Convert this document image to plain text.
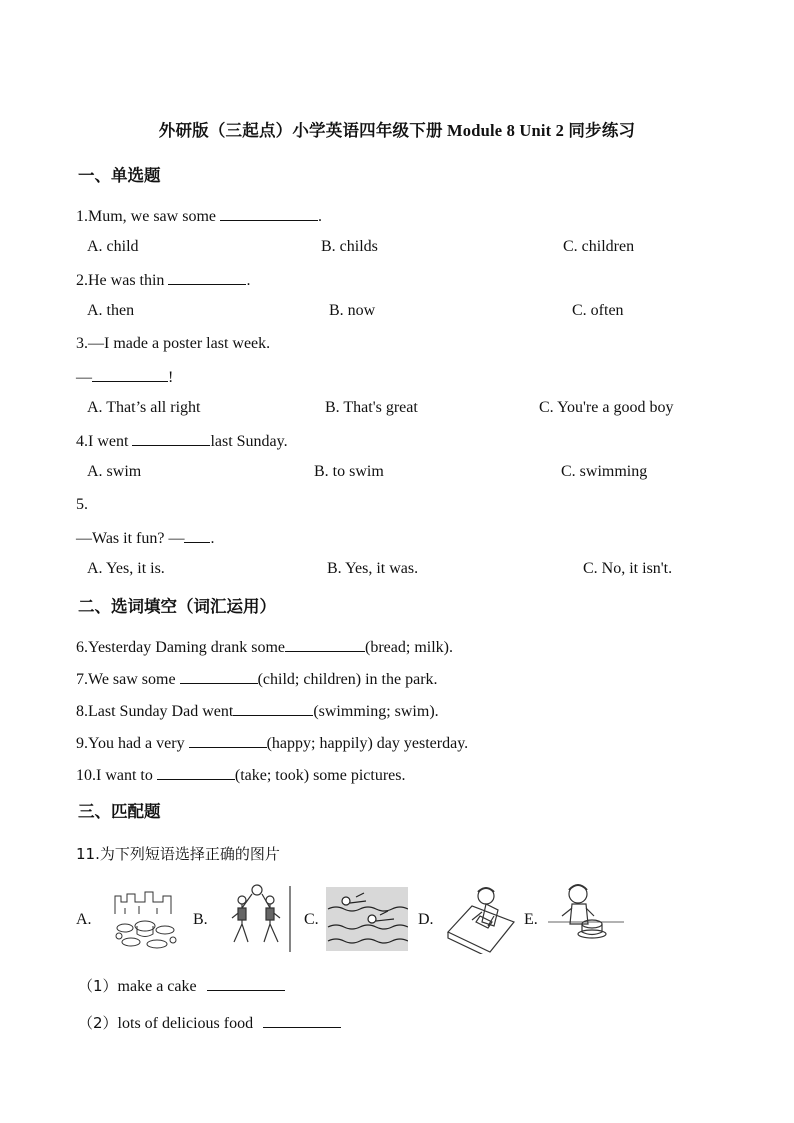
外研版（三起点）小学英语四年级下册 Module 8 Unit 2 同步练习
一、单选题
1.Mum, we saw some	.
A. child	B. childs	C. children
2.He was thin	.
A. then	B. now	C. often
3.—I made a poster last week.
—	!
A. That’s all right	B. That's great	C. You're a good boy
4.I went	last Sunday.
A. swim	B. to swim	C. swimming
5.
—Was it fun? — .
A. Yes, it is.	B. Yes, it was.	C. No, it isn't.
二、选词填空（词汇运用）
6.Yesterday Daming drank some	(bread; milk).
7.We saw some	(child; children) in the park.
8.Last Sunday Dad went	(swimming; swim).
9.You had a very	(happy; happily) day yesterday.
10.I want to	(take; took) some pictures.
三、匹配题
11.为下列短语选择正确的图片
A.	B.	C.	D.	E.
（1）make a cake
（2）lots of delicious food
